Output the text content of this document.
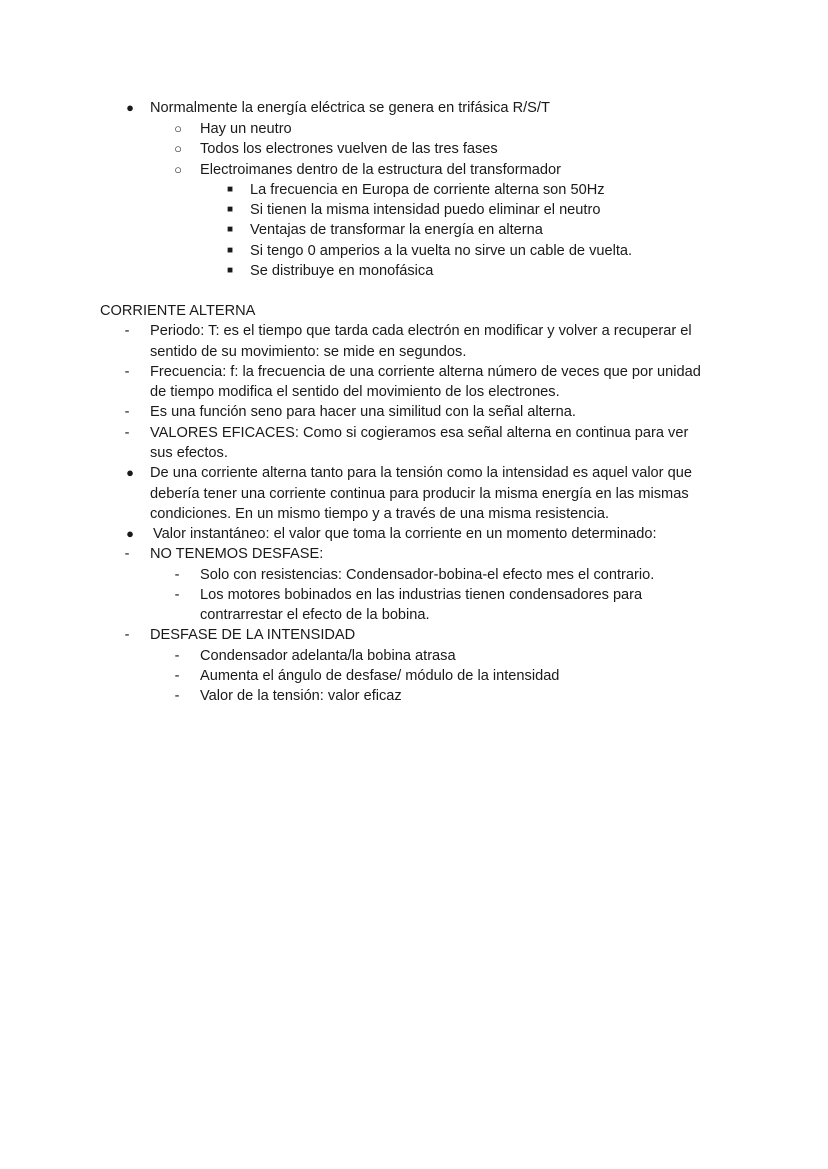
● Normalmente la energía eléctrica se genera en trifásica R/S/T
○ Hay un neutro
○ Todos los electrones vuelven de las tres fases
○ Electroimanes dentro de la estructura del transformador
■ La frecuencia en Europa de corriente alterna son 50Hz
■ Si tienen la misma intensidad puedo eliminar el neutro
■ Ventajas de transformar la energía en alterna
■ Si tengo 0 amperios a la vuelta no sirve un cable de vuelta.
■ Se distribuye en monofásica
CORRIENTE ALTERNA
-	Periodo: T: es el tiempo que tarda cada electrón en modificar y volver a recuperar el
sentido de su movimiento: se mide en segundos.
-	Frecuencia: f: la frecuencia de una corriente alterna número de veces que por unidad
de tiempo modifica el sentido del movimiento de los electrones.
-	Es una función seno para hacer una similitud con la señal alterna.
-	VALORES EFICACES: Como si cogieramos esa señal alterna en continua para ver
sus efectos.
● De una corriente alterna tanto para la tensión como la intensidad es aquel valor que
debería tener una corriente continua para producir la misma energía en las mismas
condiciones. En un mismo tiempo y a través de una misma resistencia.
● Valor instantáneo: el valor que toma la corriente en un momento determinado:
-	NO TENEMOS DESFASE:
-	Solo con resistencias: Condensador-bobina-el efecto mes el contrario.
-	Los motores bobinados en las industrias tienen condensadores para
contrarrestar el efecto de la bobina.
-	DESFASE DE LA INTENSIDAD
-	Condensador adelanta/la bobina atrasa
-	Aumenta el ángulo de desfase/ módulo de la intensidad
-	Valor de la tensión: valor eficaz
